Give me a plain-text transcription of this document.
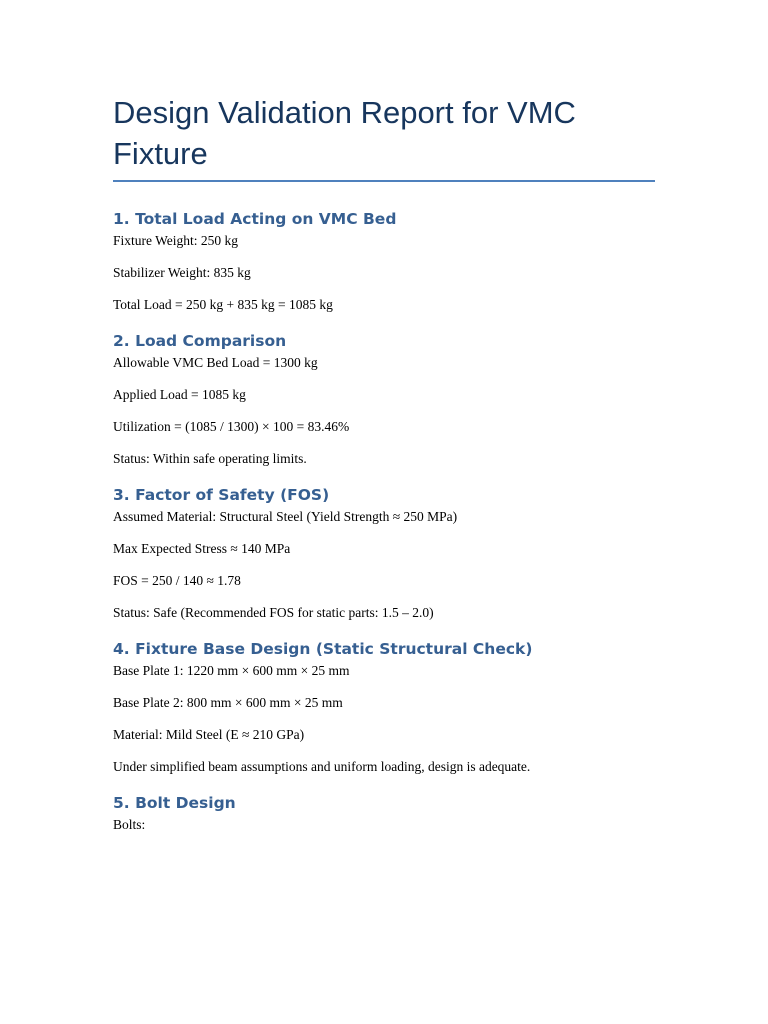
Design Validation Report for VMC
Fixture
1. Total Load Acting on VMC Bed

Fixture Weight: 250 kg

Stabilizer Weight: 835 kg

Total Load = 250 kg + 835 kg = 1085 kg

2. Load Comparison

Allowable VMC Bed Load = 1300 kg

Applied Load = 1085 kg

Utilization = (1085 / 1300) × 100 = 83.46%

Status: Within safe operating limits.

3. Factor of Safety (FOS)

Assumed Material: Structural Steel (Yield Strength ≈ 250 MPa)

Max Expected Stress ≈ 140 MPa

FOS = 250 / 140 ≈ 1.78

Status: Safe (Recommended FOS for static parts: 1.5 – 2.0)

4. Fixture Base Design (Static Structural Check)

Base Plate 1: 1220 mm × 600 mm × 25 mm

Base Plate 2: 800 mm × 600 mm × 25 mm

Material: Mild Steel (E ≈ 210 GPa)

Under simplified beam assumptions and uniform loading, design is adequate.

5. Bolt Design

Bolts:
